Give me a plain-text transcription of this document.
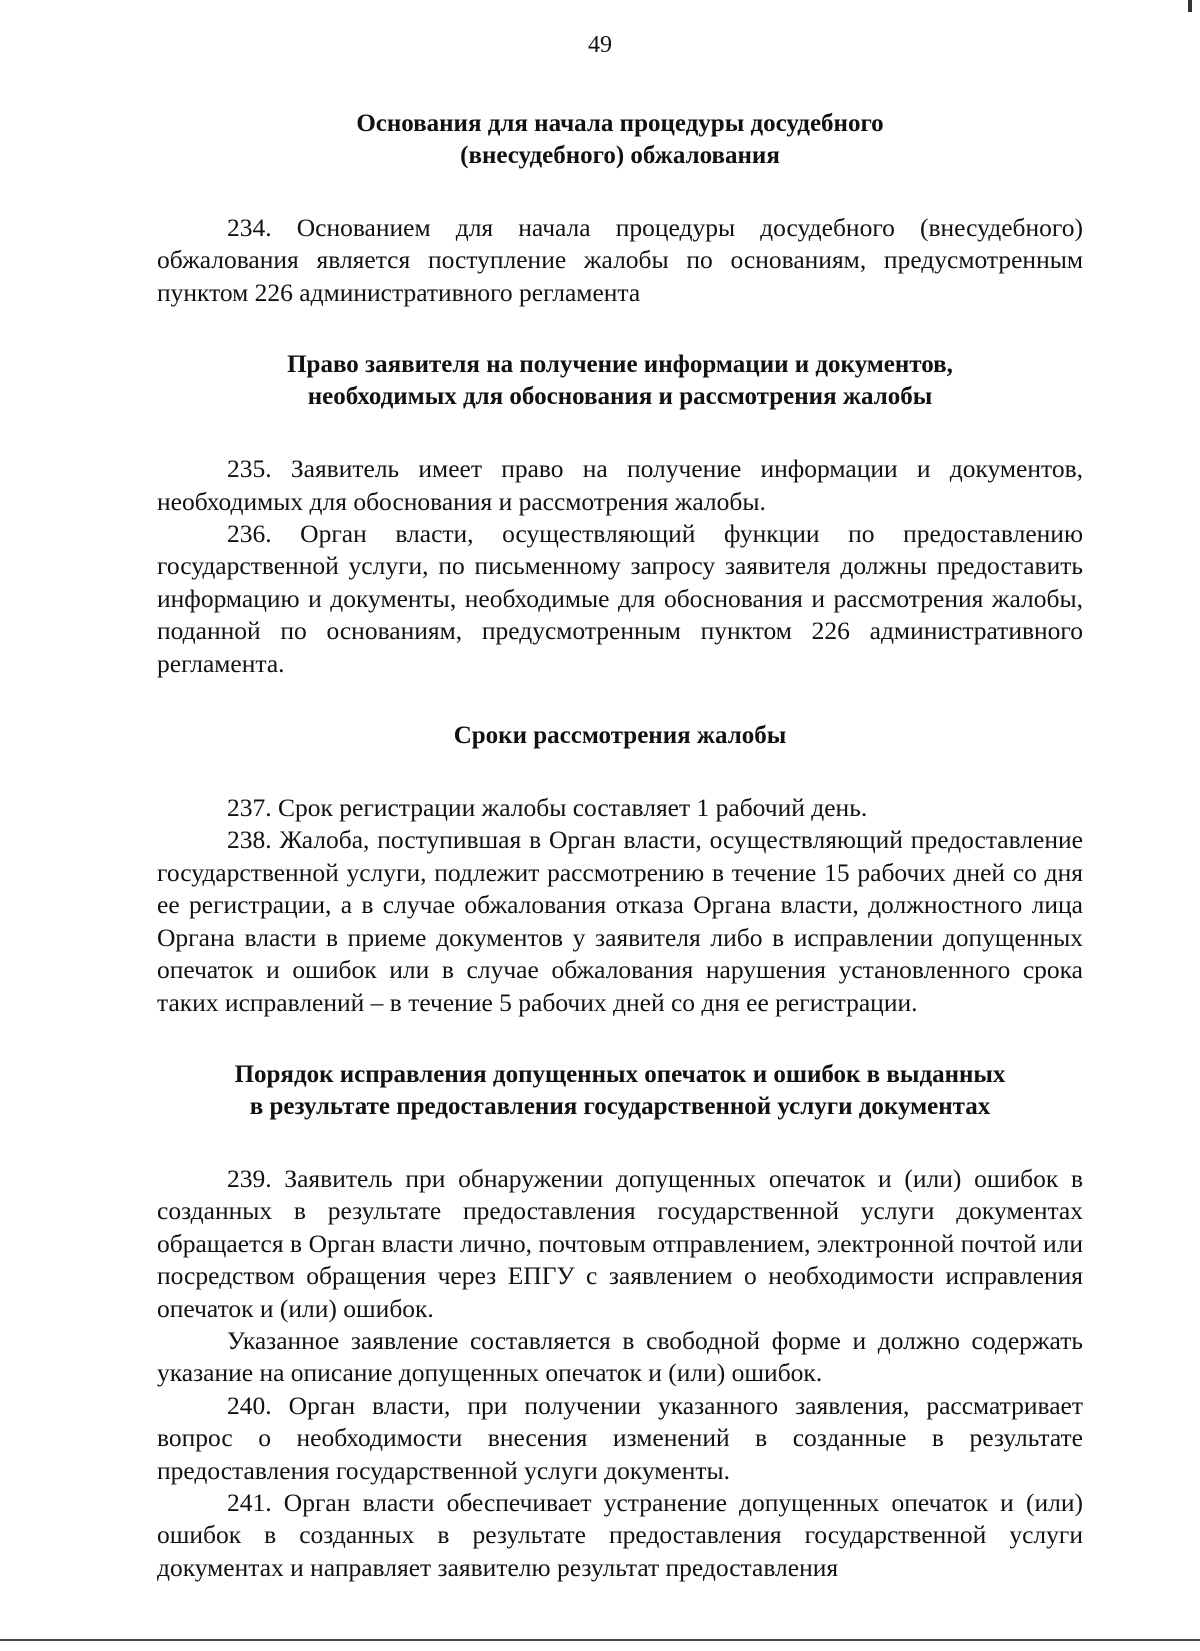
49
Основания для начала процедуры досудебного
(внесудебного) обжалования

234. Основанием для начала процедуры досудебного (внесудебного) обжалования является поступление жалобы по основаниям, предусмотренным пунктом 226 административного регламента

Право заявителя на получение информации и документов,
необходимых для обоснования и рассмотрения жалобы

235. Заявитель имеет право на получение информации и документов, необходимых для обоснования и рассмотрения жалобы.

236. Орган власти, осуществляющий функции по предоставлению государственной услуги, по письменному запросу заявителя должны предоставить информацию и документы, необходимые для обоснования и рассмотрения жалобы, поданной по основаниям, предусмотренным пунктом 226 административного регламента.

Сроки рассмотрения жалобы

237. Срок регистрации жалобы составляет 1 рабочий день.

238. Жалоба, поступившая в Орган власти, осуществляющий предоставление государственной услуги, подлежит рассмотрению в течение 15 рабочих дней со дня ее регистрации, а в случае обжалования отказа Органа власти, должностного лица Органа власти в приеме документов у заявителя либо в исправлении допущенных опечаток и ошибок или в случае обжалования нарушения установленного срока таких исправлений – в течение 5 рабочих дней со дня ее регистрации.

Порядок исправления допущенных опечаток и ошибок в выданных
в результате предоставления государственной услуги документах

239. Заявитель при обнаружении допущенных опечаток и (или) ошибок в созданных в результате предоставления государственной услуги документах обращается в Орган власти лично, почтовым отправлением, электронной почтой или посредством обращения через ЕПГУ с заявлением о необходимости исправления опечаток и (или) ошибок.

Указанное заявление составляется в свободной форме и должно содержать указание на описание допущенных опечаток и (или) ошибок.

240. Орган власти, при получении указанного заявления, рассматривает вопрос о необходимости внесения изменений в созданные в результате предоставления государственной услуги документы.

241. Орган власти обеспечивает устранение допущенных опечаток и (или) ошибок в созданных в результате предоставления государственной услуги документах и направляет заявителю результат предоставления
